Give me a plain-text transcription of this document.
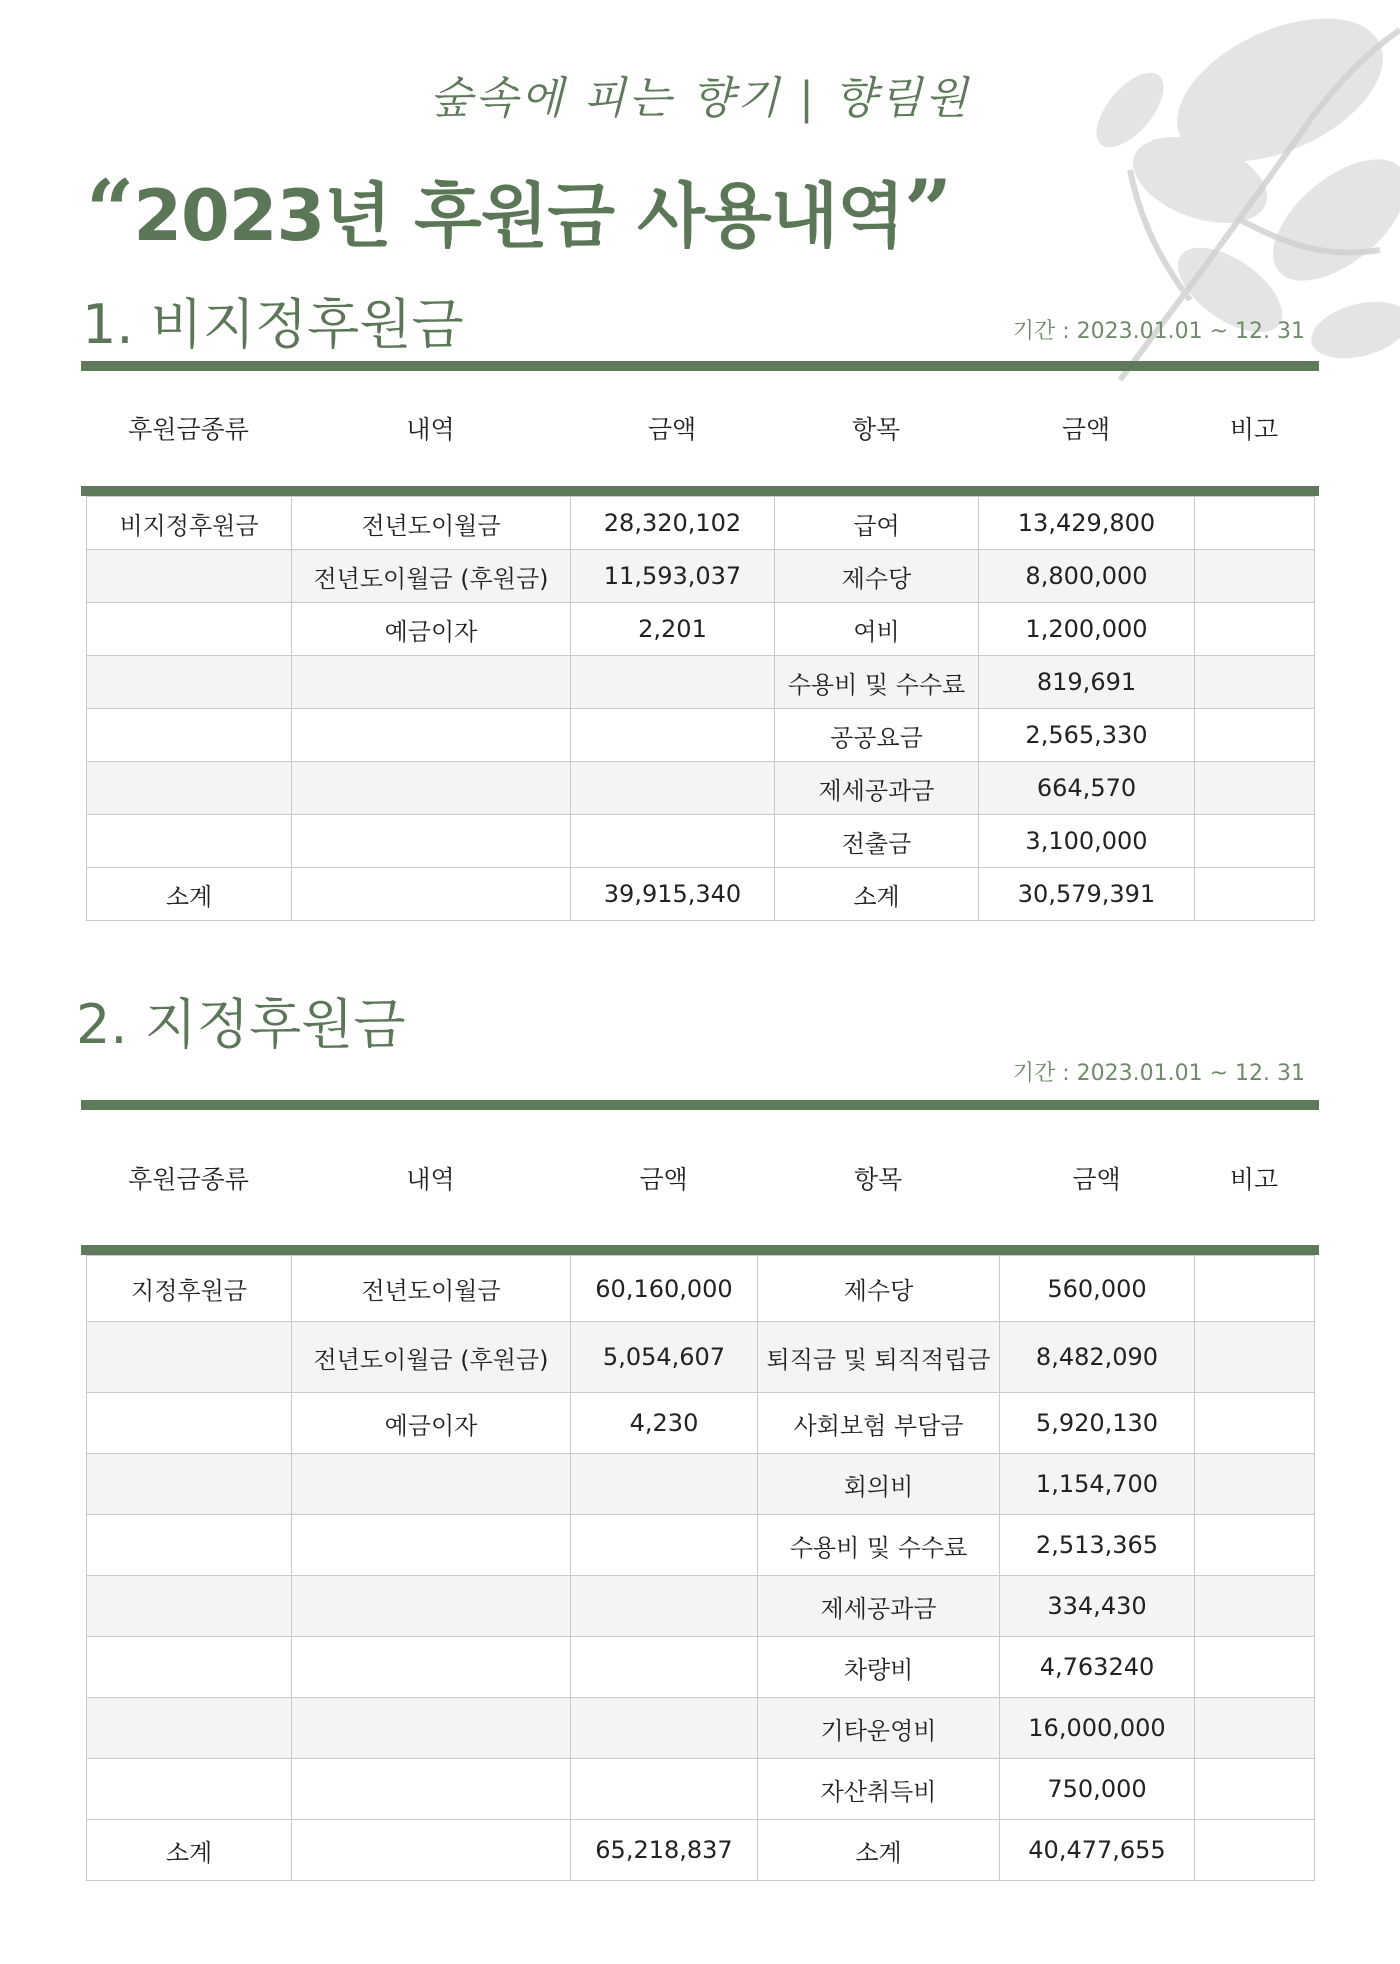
숲속에 피는 향기 | 향림원
“2023년 후원금 사용내역”
1. 비지정후원금	기간 : 2023.01.01 ~ 12. 31
후원금종류	내역	금액	항목	금액	비고
비지정후원금	전년도이월금	28,320,102	급여	13,429,800	
	전년도이월금 (후원금)	11,593,037	제수당	8,800,000	
	예금이자	2,201	여비	1,200,000	
			수용비 및 수수료	819,691	
			공공요금	2,565,330	
			제세공과금	664,570	
			전출금	3,100,000	
소계		39,915,340	소계	30,579,391	
2. 지정후원금
기간 : 2023.01.01 ~ 12. 31
후원금종류	내역	금액	항목	금액	비고
지정후원금	전년도이월금	60,160,000	제수당	560,000	
	전년도이월금 (후원금)	5,054,607	퇴직금 및 퇴직적립금	8,482,090	
	예금이자	4,230	사회보험 부담금	5,920,130	
			회의비	1,154,700	
			수용비 및 수수료	2,513,365	
			제세공과금	334,430	
			차량비	4,763240	
			기타운영비	16,000,000	
			자산취득비	750,000	
소계		65,218,837	소계	40,477,655	
